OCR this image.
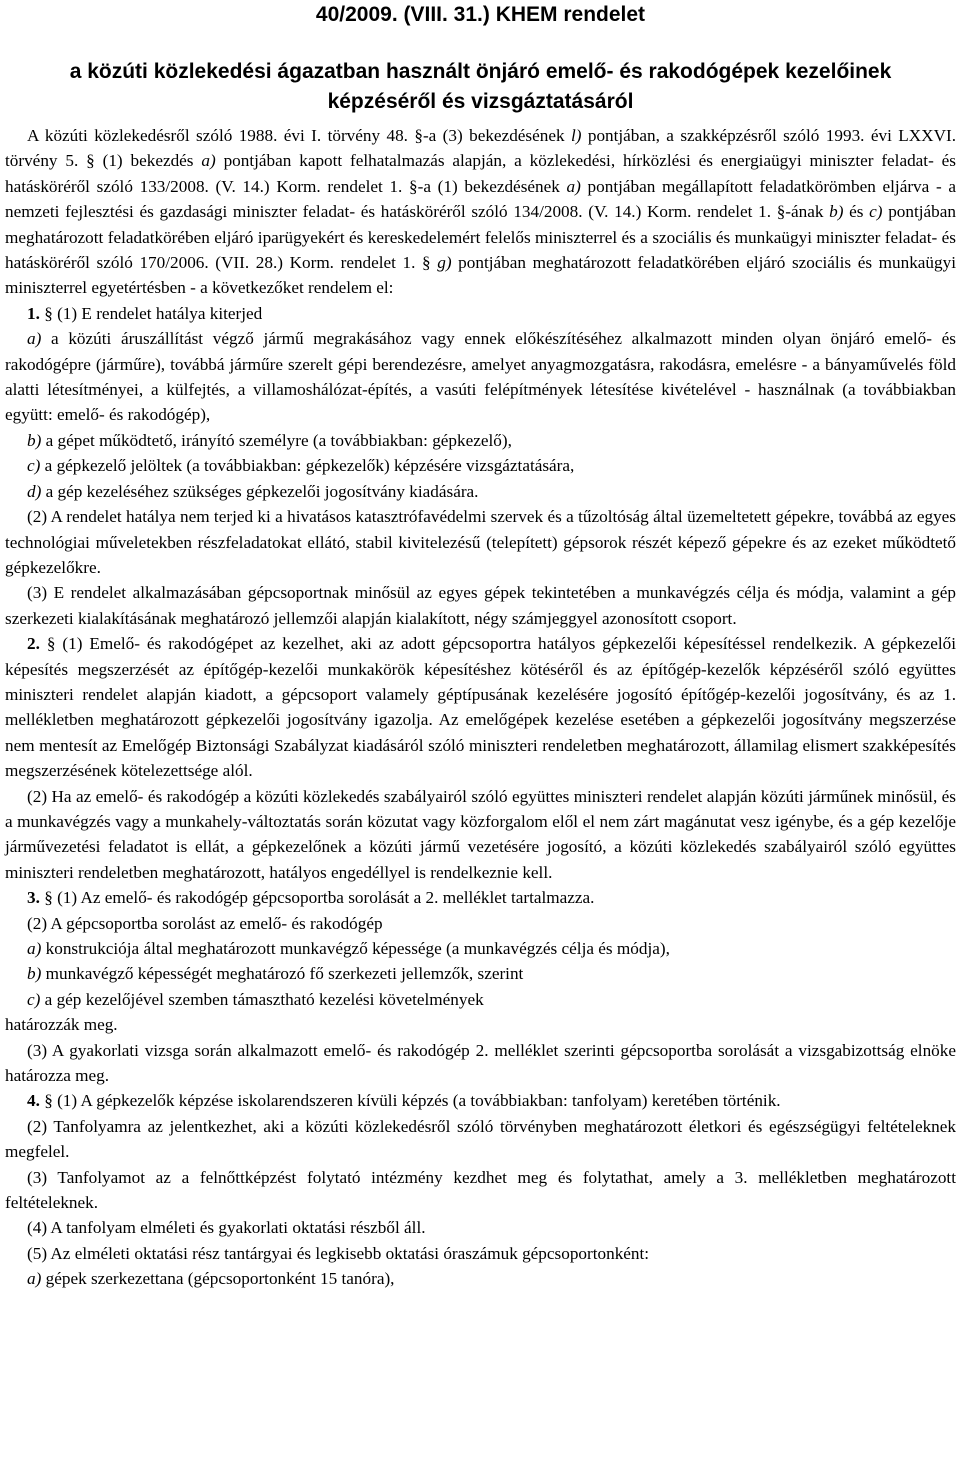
40/2009. (VIII. 31.) KHEM rendelet
a közúti közlekedési ágazatban használt önjáró emelő- és rakodógépek kezelőinek
képzéséről és vizsgáztatásáról

A közúti közlekedésről szóló 1988. évi I. törvény 48. §-a (3) bekezdésének l) pontjában, a szakképzésről szóló 1993. évi LXXVI. törvény 5. § (1) bekezdés a) pontjában kapott felhatalmazás alapján, a közlekedési, hírközlési és energiaügyi miniszter feladat- és hatásköréről szóló 133/2008. (V. 14.) Korm. rendelet 1. §-a (1) bekezdésének a) pontjában megállapított feladatkörömben eljárva - a nemzeti fejlesztési és gazdasági miniszter feladat- és hatásköréről szóló 134/2008. (V. 14.) Korm. rendelet 1. §-ának b) és c) pontjában meghatározott feladatkörében eljáró iparügyekért és kereskedelemért felelős miniszterrel és a szociális és munkaügyi miniszter feladat- és hatásköréről szóló 170/2006. (VII. 28.) Korm. rendelet 1. § g) pontjában meghatározott feladatkörében eljáró szociális és munkaügyi miniszterrel egyetértésben - a következőket rendelem el:

1. § (1) E rendelet hatálya kiterjed

a) a közúti áruszállítást végző jármű megrakásához vagy ennek előkészítéséhez alkalmazott minden olyan önjáró emelő- és rakodógépre (járműre), továbbá járműre szerelt gépi berendezésre, amelyet anyagmozgatásra, rakodásra, emelésre - a bányaművelés föld alatti létesítményei, a külfejtés, a villamoshálózat-építés, a vasúti felépítmények létesítése kivételével - használnak (a továbbiakban együtt: emelő- és rakodógép),

b) a gépet működtető, irányító személyre (a továbbiakban: gépkezelő),

c) a gépkezelő jelöltek (a továbbiakban: gépkezelők) képzésére vizsgáztatására,

d) a gép kezeléséhez szükséges gépkezelői jogosítvány kiadására.

(2) A rendelet hatálya nem terjed ki a hivatásos katasztrófavédelmi szervek és a tűzoltóság által üzemeltetett gépekre, továbbá az egyes technológiai műveletekben részfeladatokat ellátó, stabil kivitelezésű (telepített) gépsorok részét képező gépekre és az ezeket működtető gépkezelőkre.

(3) E rendelet alkalmazásában gépcsoportnak minősül az egyes gépek tekintetében a munkavégzés célja és módja, valamint a gép szerkezeti kialakításának meghatározó jellemzői alapján kialakított, négy számjeggyel azonosított csoport.

2. § (1) Emelő- és rakodógépet az kezelhet, aki az adott gépcsoportra hatályos gépkezelői képesítéssel rendelkezik. A gépkezelői képesítés megszerzését az építőgép-kezelői munkakörök képesítéshez kötéséről és az építőgép-kezelők képzéséről szóló együttes miniszteri rendelet alapján kiadott, a gépcsoport valamely géptípusának kezelésére jogosító építőgép-kezelői jogosítvány, és az 1. mellékletben meghatározott gépkezelői jogosítvány igazolja. Az emelőgépek kezelése esetében a gépkezelői jogosítvány megszerzése nem mentesít az Emelőgép Biztonsági Szabályzat kiadásáról szóló miniszteri rendeletben meghatározott, államilag elismert szakképesítés megszerzésének kötelezettsége alól.

(2) Ha az emelő- és rakodógép a közúti közlekedés szabályairól szóló együttes miniszteri rendelet alapján közúti járműnek minősül, és a munkavégzés vagy a munkahely-változtatás során közutat vagy közforgalom elől el nem zárt magánutat vesz igénybe, és a gép kezelője járművezetési feladatot is ellát, a gépkezelőnek a közúti jármű vezetésére jogosító, a közúti közlekedés szabályairól szóló együttes miniszteri rendeletben meghatározott, hatályos engedéllyel is rendelkeznie kell.

3. § (1) Az emelő- és rakodógép gépcsoportba sorolását a 2. melléklet tartalmazza.

(2) A gépcsoportba sorolást az emelő- és rakodógép

a) konstrukciója által meghatározott munkavégző képessége (a munkavégzés célja és módja),

b) munkavégző képességét meghatározó fő szerkezeti jellemzők, szerint

c) a gép kezelőjével szemben támasztható kezelési követelmények

határozzák meg.

(3) A gyakorlati vizsga során alkalmazott emelő- és rakodógép 2. melléklet szerinti gépcsoportba sorolását a vizsgabizottság elnöke határozza meg.

4. § (1) A gépkezelők képzése iskolarendszeren kívüli képzés (a továbbiakban: tanfolyam) keretében történik.

(2) Tanfolyamra az jelentkezhet, aki a közúti közlekedésről szóló törvényben meghatározott életkori és egészségügyi feltételeknek megfelel.

(3) Tanfolyamot az a felnőttképzést folytató intézmény kezdhet meg és folytathat, amely a 3. mellékletben meghatározott feltételeknek.

(4) A tanfolyam elméleti és gyakorlati oktatási részből áll.

(5) Az elméleti oktatási rész tantárgyai és legkisebb oktatási óraszámuk gépcsoportonként:

a) gépek szerkezettana (gépcsoportonként 15 tanóra),
